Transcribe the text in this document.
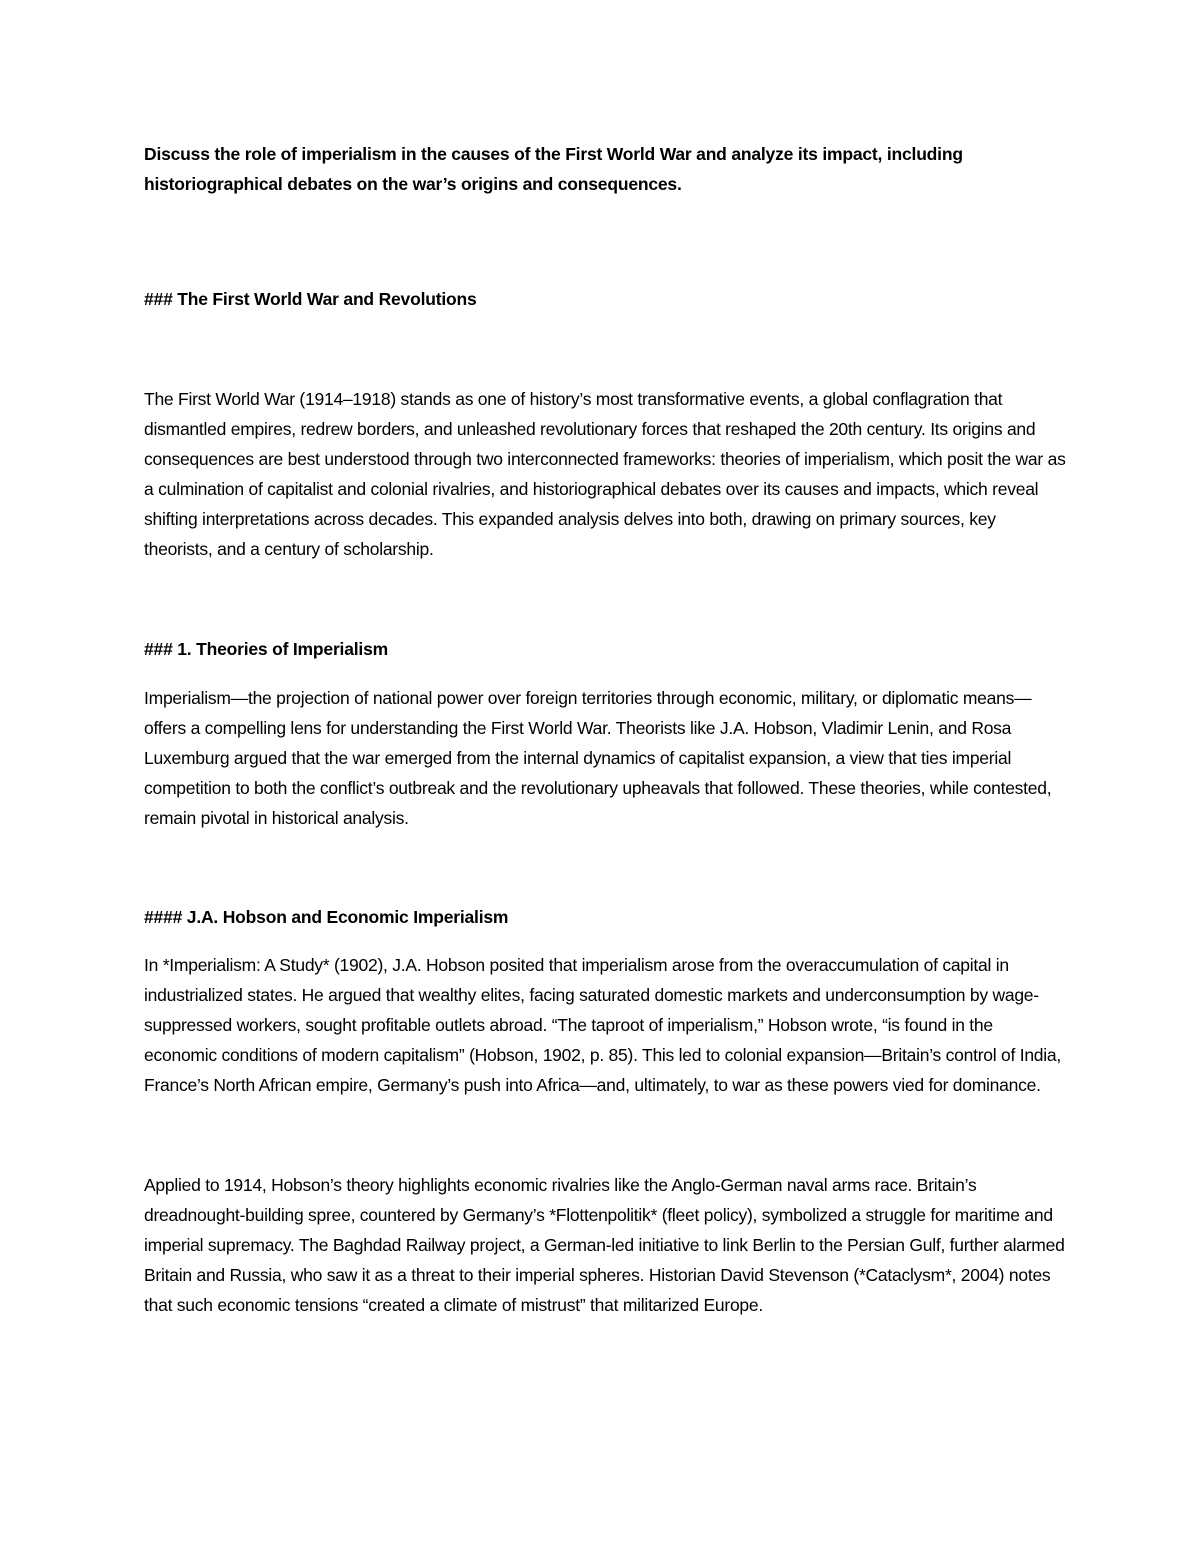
Discuss the role of imperialism in the causes of the First World War and analyze its impact, including historiographical debates on the war’s origins and consequences.

### The First World War and Revolutions

The First World War (1914–1918) stands as one of history’s most transformative events, a global conflagration that dismantled empires, redrew borders, and unleashed revolutionary forces that reshaped the 20th century. Its origins and consequences are best understood through two interconnected frameworks: theories of imperialism, which posit the war as a culmination of capitalist and colonial rivalries, and historiographical debates over its causes and impacts, which reveal shifting interpretations across decades. This expanded analysis delves into both, drawing on primary sources, key theorists, and a century of scholarship.

### 1. Theories of Imperialism

Imperialism—the projection of national power over foreign territories through economic, military, or diplomatic means—offers a compelling lens for understanding the First World War. Theorists like J.A. Hobson, Vladimir Lenin, and Rosa Luxemburg argued that the war emerged from the internal dynamics of capitalist expansion, a view that ties imperial competition to both the conflict’s outbreak and the revolutionary upheavals that followed. These theories, while contested, remain pivotal in historical analysis.

#### J.A. Hobson and Economic Imperialism

In *Imperialism: A Study* (1902), J.A. Hobson posited that imperialism arose from the overaccumulation of capital in industrialized states. He argued that wealthy elites, facing saturated domestic markets and underconsumption by wage-suppressed workers, sought profitable outlets abroad. “The taproot of imperialism,” Hobson wrote, “is found in the economic conditions of modern capitalism” (Hobson, 1902, p. 85). This led to colonial expansion—Britain’s control of India, France’s North African empire, Germany’s push into Africa—and, ultimately, to war as these powers vied for dominance.

Applied to 1914, Hobson’s theory highlights economic rivalries like the Anglo-German naval arms race. Britain’s dreadnought-building spree, countered by Germany’s *Flottenpolitik* (fleet policy), symbolized a struggle for maritime and imperial supremacy. The Baghdad Railway project, a German-led initiative to link Berlin to the Persian Gulf, further alarmed Britain and Russia, who saw it as a threat to their imperial spheres. Historian David Stevenson (*Cataclysm*, 2004) notes that such economic tensions “created a climate of mistrust” that militarized Europe.
